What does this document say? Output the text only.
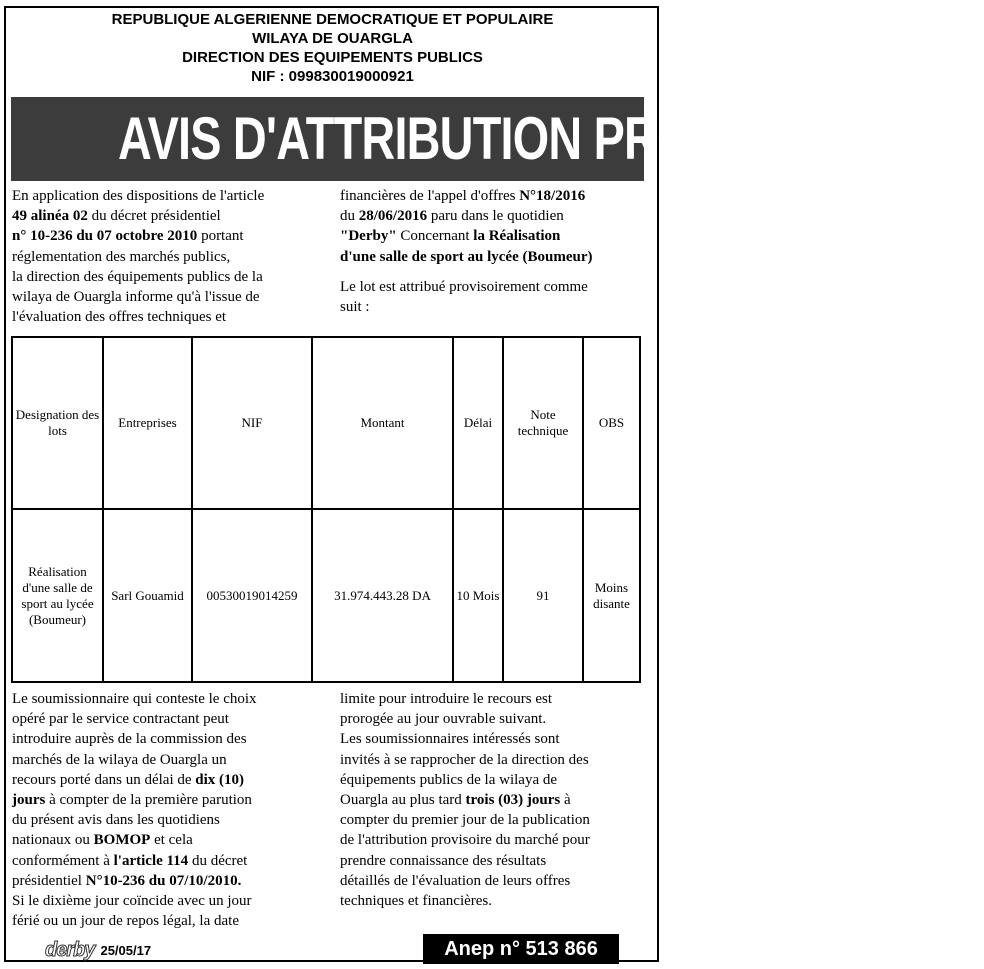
REPUBLIQUE ALGERIENNE DEMOCRATIQUE ET POPULAIRE
WILAYA DE OUARGLA
DIRECTION DES EQUIPEMENTS PUBLICS
NIF : 099830019000921
AVIS D'ATTRIBUTION PROVISOIRE

En application des dispositions de l'article

49 alinéa 02 du décret présidentiel

n° 10-236 du 07 octobre 2010 portant

réglementation des marchés publics,

la direction des équipements publics de la

wilaya de Ouargla informe qu'à l'issue de

l'évaluation des offres techniques et

financières de l'appel d'offres N°18/2016

du 28/06/2016 paru dans le quotidien

"Derby" Concernant la Réalisation

d'une salle de sport au lycée (Boumeur)

Le lot est attribué provisoirement comme

suit :

Designation des lots	Entreprises	NIF	Montant	Délai	Note technique	OBS
Réalisation d'une salle de sport au lycée (Boumeur)	Sarl Gouamid	00530019014259	31.974.443.28 DA	10 Mois	91	Moins disante

Le soumissionnaire qui conteste le choix

opéré par le service contractant peut

introduire auprès de la commission des

marchés de la wilaya de Ouargla un

recours porté dans un délai de dix (10)

jours à compter de la première parution

du présent avis dans les quotidiens

nationaux ou BOMOP et cela

conformément à l'article 114 du décret

présidentiel N°10-236 du 07/10/2010.

Si le dixième jour coïncide avec un jour

férié ou un jour de repos légal, la date

limite pour introduire le recours est

prorogée au jour ouvrable suivant.

Les soumissionnaires intéressés sont

invités à se rapprocher de la direction des

équipements publics de la wilaya de

Ouargla au plus tard trois (03) jours à

compter du premier jour de la publication

de l'attribution provisoire du marché pour

prendre connaissance des résultats

détaillés de l'évaluation de leurs offres

techniques et financières.

derby 25/05/17	Anep n° 513 866
